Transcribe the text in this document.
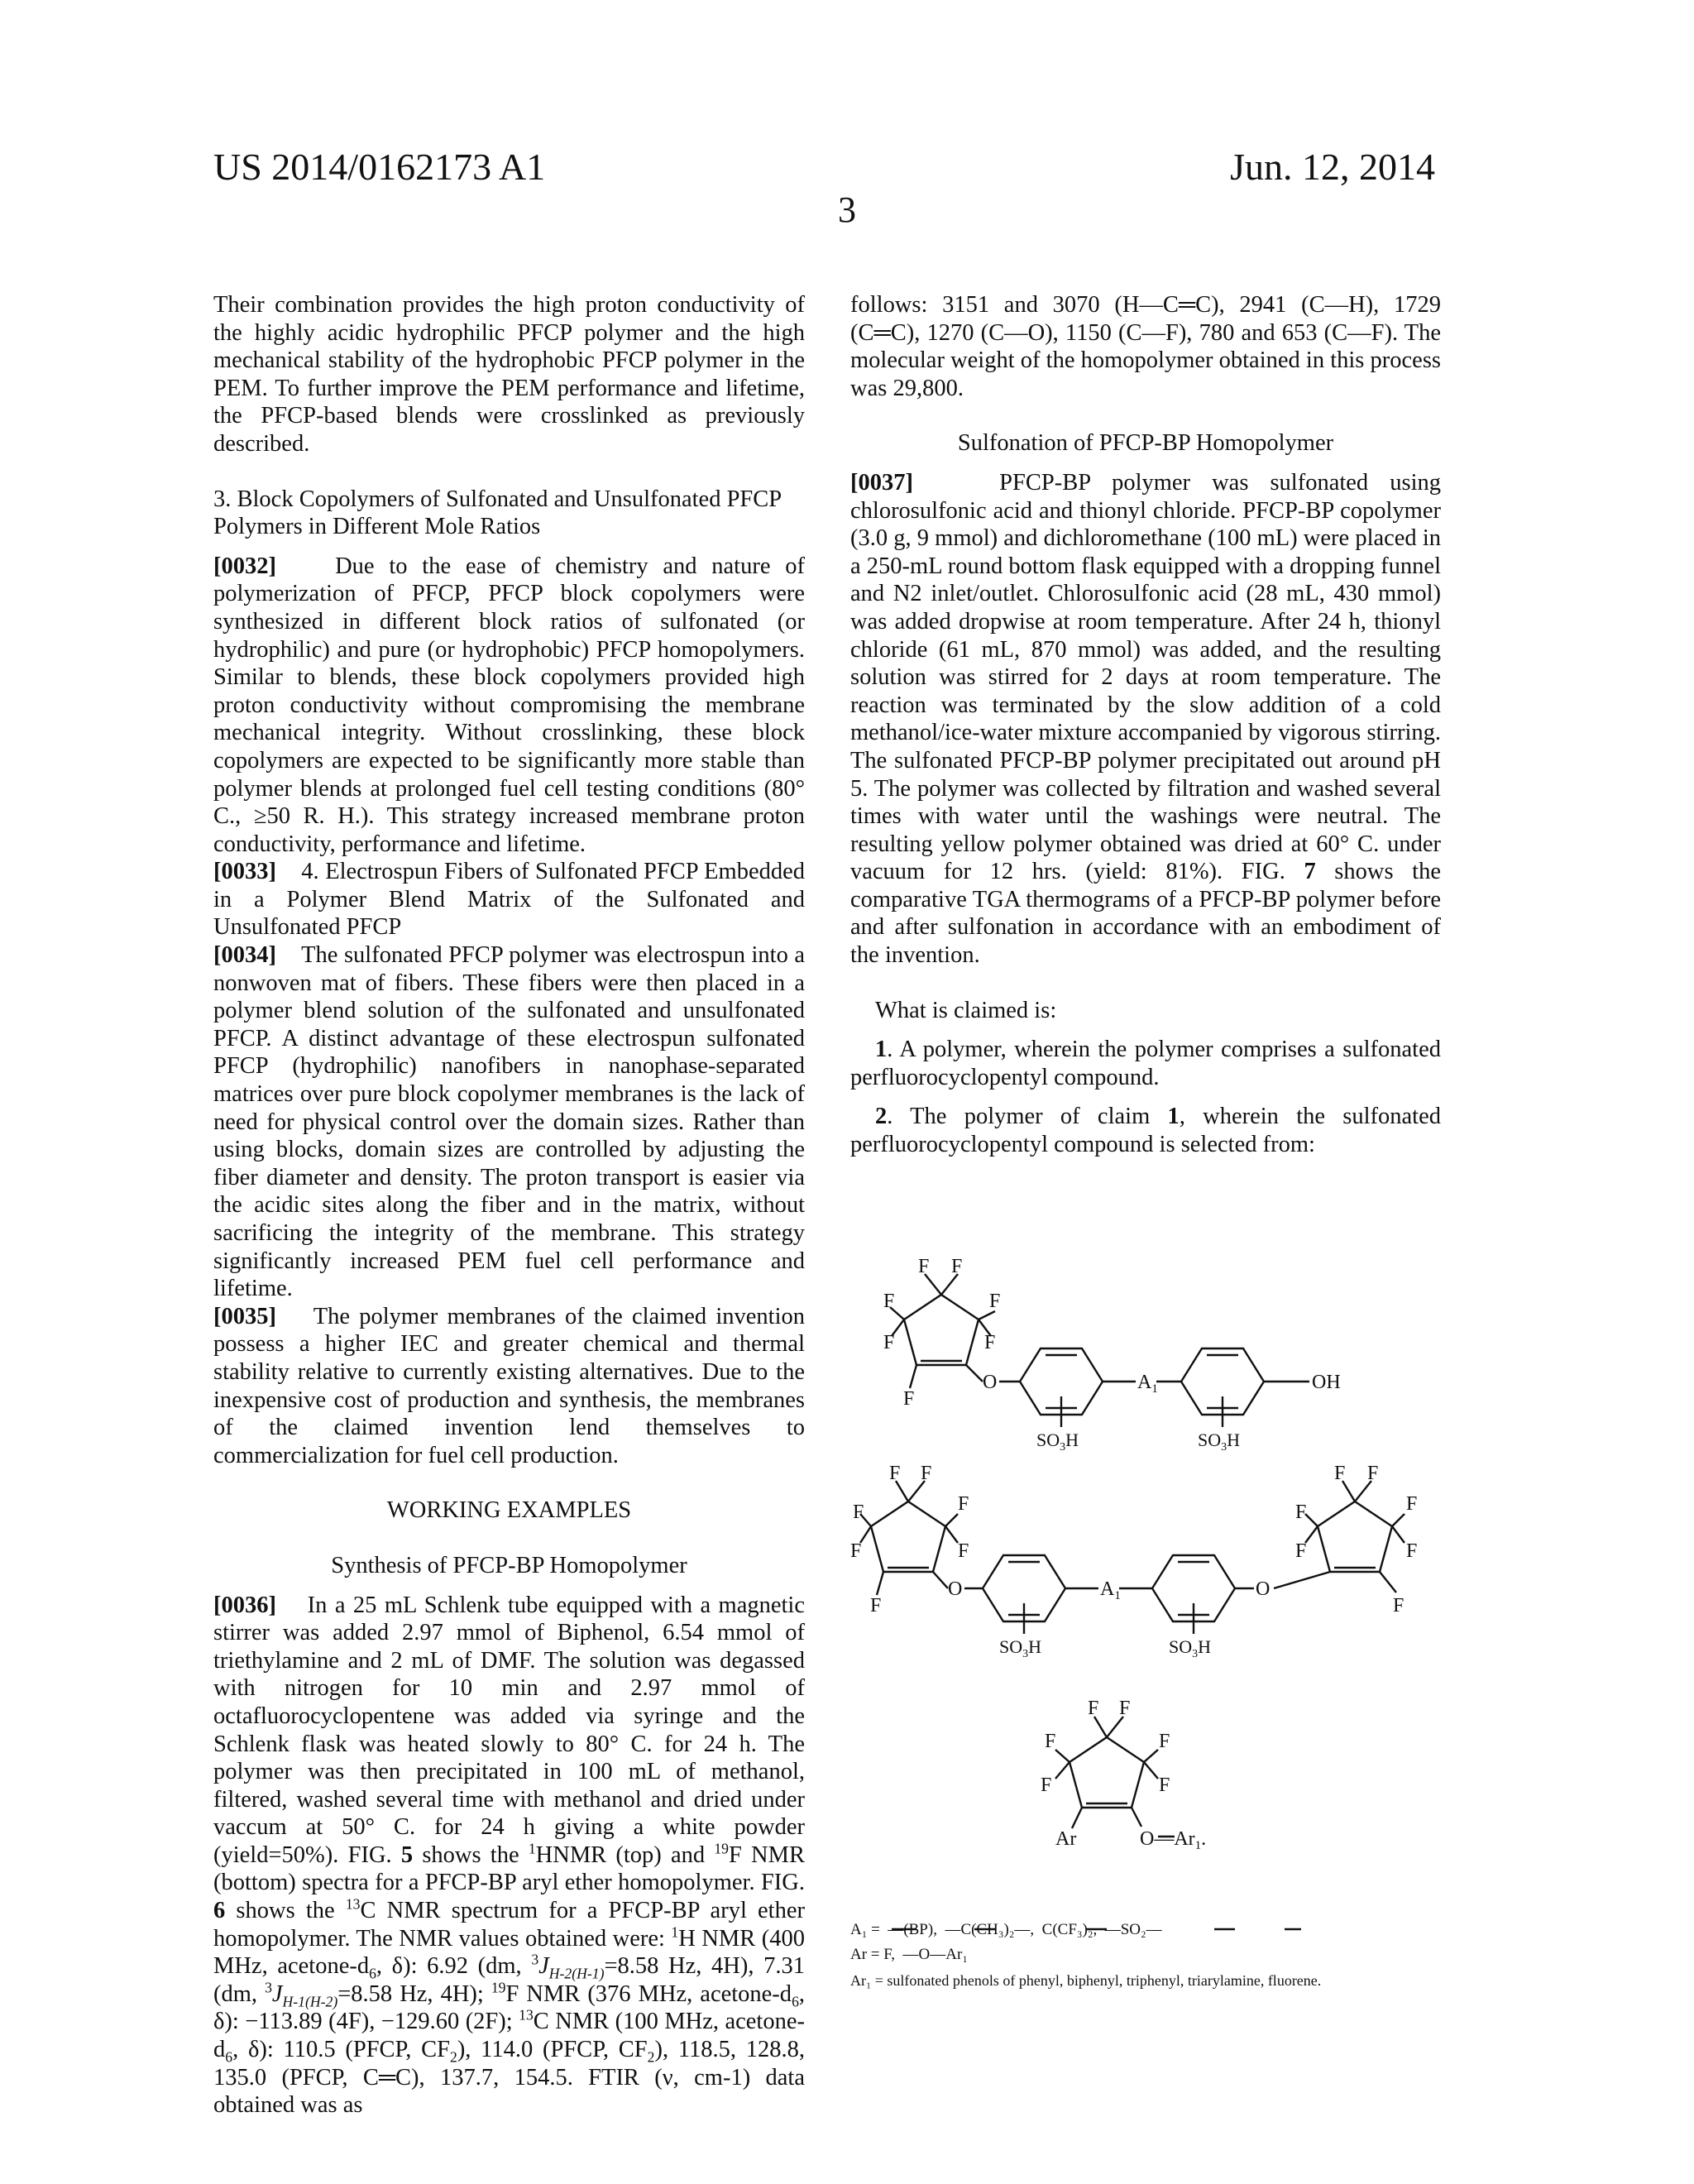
US 2014/0162173 A1	Jun. 12, 2014
3

Their combination provides the high proton conductivity of the highly acidic hydrophilic PFCP polymer and the high mechanical stability of the hydrophobic PFCP polymer in the PEM. To further improve the PEM performance and lifetime, the PFCP-based blends were crosslinked as previously described.

3. Block Copolymers of Sulfonated and Unsulfonated PFCP Polymers in Different Mole Ratios

[0032] Due to the ease of chemistry and nature of polymerization of PFCP, PFCP block copolymers were synthesized in different block ratios of sulfonated (or hydrophilic) and pure (or hydrophobic) PFCP homopolymers. Similar to blends, these block copolymers provided high proton conductivity without compromising the membrane mechanical integrity. Without crosslinking, these block copolymers are expected to be significantly more stable than polymer blends at prolonged fuel cell testing conditions (80° C., ≥50 R. H.). This strategy increased membrane proton conductivity, performance and lifetime.

[0033] 4. Electrospun Fibers of Sulfonated PFCP Embedded in a Polymer Blend Matrix of the Sulfonated and Unsulfonated PFCP

[0034] The sulfonated PFCP polymer was electrospun into a nonwoven mat of fibers. These fibers were then placed in a polymer blend solution of the sulfonated and unsulfonated PFCP. A distinct advantage of these electrospun sulfonated PFCP (hydrophilic) nanofibers in nanophase-separated matrices over pure block copolymer membranes is the lack of need for physical control over the domain sizes. Rather than using blocks, domain sizes are controlled by adjusting the fiber diameter and density. The proton transport is easier via the acidic sites along the fiber and in the matrix, without sacrificing the integrity of the membrane. This strategy significantly increased PEM fuel cell performance and lifetime.

[0035] The polymer membranes of the claimed invention possess a higher IEC and greater chemical and thermal stability relative to currently existing alternatives. Due to the inexpensive cost of production and synthesis, the membranes of the claimed invention lend themselves to commercialization for fuel cell production.

WORKING EXAMPLES

Synthesis of PFCP-BP Homopolymer

[0036] In a 25 mL Schlenk tube equipped with a magnetic stirrer was added 2.97 mmol of Biphenol, 6.54 mmol of triethylamine and 2 mL of DMF. The solution was degassed with nitrogen for 10 min and 2.97 mmol of octafluorocyclopentene was added via syringe and the Schlenk flask was heated slowly to 80° C. for 24 h. The polymer was then precipitated in 100 mL of methanol, filtered, washed several time with methanol and dried under vaccum at 50° C. for 24 h giving a white powder (yield=50%). FIG. 5 shows the $^1$HNMR (top) and $^{19}$F NMR (bottom) spectra for a PFCP-BP aryl ether homopolymer. FIG. 6 shows the $^{13}$C NMR spectrum for a PFCP-BP aryl ether homopolymer. The NMR values obtained were: $^1$H NMR (400 MHz, acetone-$d_6$, δ): 6.92 (dm, $^3J_{H-2(H-1)}=8.58$ Hz, 4H), 7.31 (dm, $^3J_{H-1(H-2)}=8.58$ Hz, 4H); $^{19}$F NMR (376 MHz, acetone-$d_6$, δ): −113.89 (4F), −129.60 (2F); $^{13}$C NMR (100 MHz, acetone-$d_6$, δ): 110.5 (PFCP, $CF_2$), 114.0 (PFCP, $CF_2$), 118.5, 128.8, 135.0 (PFCP, C═C), 137.7, 154.5. FTIR (ν, cm-1) data obtained was as

follows: 3151 and 3070 (H—C═C), 2941 (C—H), 1729 (C═C), 1270 (C—O), 1150 (C—F), 780 and 653 (C—F). The molecular weight of the homopolymer obtained in this process was 29,800.

Sulfonation of PFCP-BP Homopolymer

[0037]	PFCP-BP polymer was sulfonated using chlorosulfonic acid and thionyl chloride. PFCP-BP copolymer (3.0 g, 9 mmol) and dichloromethane (100 mL) were placed in a 250-mL round bottom flask equipped with a dropping funnel and N2 inlet/outlet. Chlorosulfonic acid (28 mL, 430 mmol) was added dropwise at room temperature. After 24 h, thionyl chloride (61 mL, 870 mmol) was added, and the resulting solution was stirred for 2 days at room temperature. The reaction was terminated by the slow addition of a cold methanol/ice-water mixture accompanied by vigorous stirring. The sulfonated PFCP-BP polymer precipitated out around pH 5. The polymer was collected by filtration and washed several times with water until the washings were neutral. The resulting yellow polymer obtained was dried at 60° C. under vacuum for 12 hrs. (yield: 81%). FIG. 7 shows the comparative TGA thermograms of a PFCP-BP polymer before and after sulfonation in accordance with an embodiment of the invention.

What is claimed is:

1. A polymer, wherein the polymer comprises a sulfonated perfluorocyclopentyl compound.

2. The polymer of claim 1, wherein the sulfonated perfluorocyclopentyl compound is selected from:

F F
F
F
F	F
F
O	$A_1$	OH
$SO_3H$	$SO_3H$
F F
F
F
F
F
F
O	$A_1$	O
$SO_3H$	$SO_3H$
F F
F
F
F
F
F
F F
F
F
F
F
Ar	$O—Ar_1$.
A₁ =  —(BP),  —C(CH₃)₂—,  C(CF₃)₂,  —SO₂—
Ar = F,  —O—Ar₁
Ar₁ = sulfonated phenols of phenyl, biphenyl, triphenyl, triarylamine, fluorene.
